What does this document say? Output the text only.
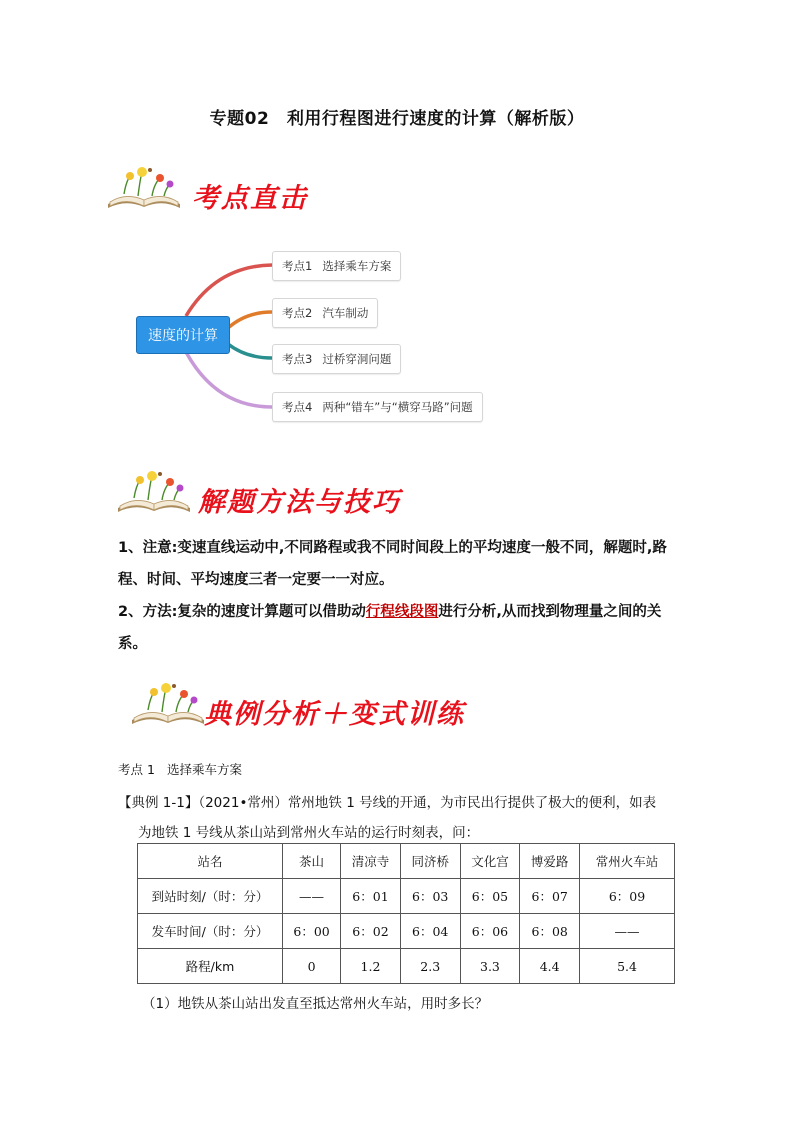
专题02　利用行程图进行速度的计算（解析版）
考点直击
速度的计算
考点1 选择乘车方案
考点2 汽车制动
考点3 过桥穿洞问题
考点4 两种“错车”与“横穿马路”问题
解题方法与技巧
1、注意:变速直线运动中,不同路程或我不同时间段上的平均速度一般不同，解题时,路程、时间、平均速度三者一定要一一对应。
2、方法:复杂的速度计算题可以借助动行程线段图进行分析,从而找到物理量之间的关系。
典例分析＋变式训练
考点 1 选择乘车方案
【典例 1-1】（2021•常州）常州地铁 1 号线的开通，为市民出行提供了极大的便利，如表
为地铁 1 号线从茶山站到常州火车站的运行时刻表，问：
站名	茶山	清凉寺	同济桥	文化宫	博爱路	常州火车站
到站时刻/（时：分）	——	6：01	6：03	6：05	6：07	6：09
发车时间/（时：分）	6：00	6：02	6：04	6：06	6：08	——
路程/km	0	1.2	2.3	3.3	4.4	5.4
（1）地铁从茶山站出发直至抵达常州火车站，用时多长？
